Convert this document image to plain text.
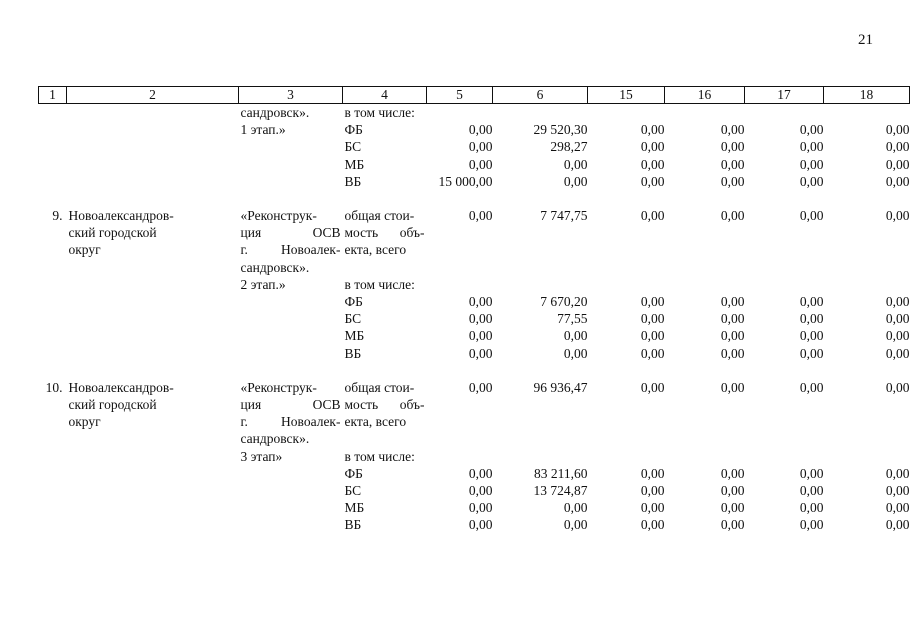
21
1	2	3	4	5	6	15	16	17	18
		сандровск».	в том числе:						
		1 этап.»	ФБ	0,00	29 520,30	0,00	0,00	0,00	0,00
			БС	0,00	298,27	0,00	0,00	0,00	0,00
			МБ	0,00	0,00	0,00	0,00	0,00	0,00
			ВБ	15 000,00	0,00	0,00	0,00	0,00	0,00

9.	Новоалександров-	«Реконструк-	общая стои-	0,00	7 747,75	0,00	0,00	0,00	0,00
	ский городской	ция ОСВ	мость объ-						
	округ	г. Новоалек-	екта, всего						
		сандровск».							
		2 этап.»	в том числе:						
			ФБ	0,00	7 670,20	0,00	0,00	0,00	0,00
			БС	0,00	77,55	0,00	0,00	0,00	0,00
			МБ	0,00	0,00	0,00	0,00	0,00	0,00
			ВБ	0,00	0,00	0,00	0,00	0,00	0,00

10.	Новоалександров-	«Реконструк-	общая стои-	0,00	96 936,47	0,00	0,00	0,00	0,00
	ский городской	ция ОСВ	мость объ-						
	округ	г. Новоалек-	екта, всего						
		сандровск».							
		3 этап»	в том числе:						
			ФБ	0,00	83 211,60	0,00	0,00	0,00	0,00
			БС	0,00	13 724,87	0,00	0,00	0,00	0,00
			МБ	0,00	0,00	0,00	0,00	0,00	0,00
			ВБ	0,00	0,00	0,00	0,00	0,00	0,00
